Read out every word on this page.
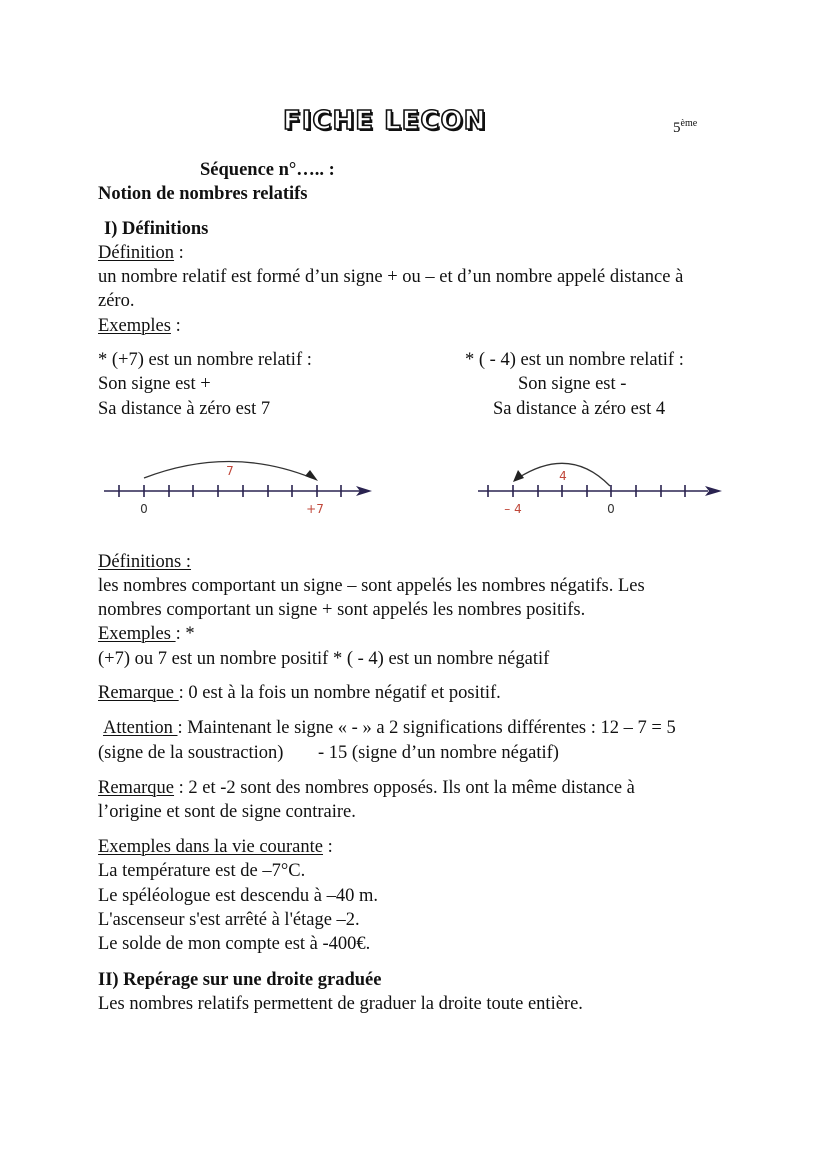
FICHE LECON	5ème
Séquence n°….. :
Notion de nombres relatifs
I) Définitions
Définition :
un nombre relatif est formé d’un signe + ou – et d’un nombre appelé distance à
zéro.
Exemples :
* (+7) est un nombre relatif :
Son signe est +
Sa distance à zéro est 7
* ( - 4) est un nombre relatif :
Son signe est -
Sa distance à zéro est 4
7
0	+7
4
– 4	0
Définitions :
les nombres comportant un signe – sont appelés les nombres négatifs. Les
nombres comportant un signe + sont appelés les nombres positifs.
Exemples : *
(+7) ou 7 est un nombre positif * ( - 4) est un nombre négatif
Remarque : 0 est à la fois un nombre négatif et positif.
Attention : Maintenant le signe « - » a 2 significations différentes : 12 – 7 = 5
(signe de la soustraction) - 15 (signe d’un nombre négatif)
Remarque : 2 et -2 sont des nombres opposés. Ils ont la même distance à
l’origine et sont de signe contraire.
Exemples dans la vie courante :
La température est de –7°C.
Le spéléologue est descendu à –40 m.
L'ascenseur s'est arrêté à l'étage –2.
Le solde de mon compte est à -400€.
II) Repérage sur une droite graduée
Les nombres relatifs permettent de graduer la droite toute entière.
